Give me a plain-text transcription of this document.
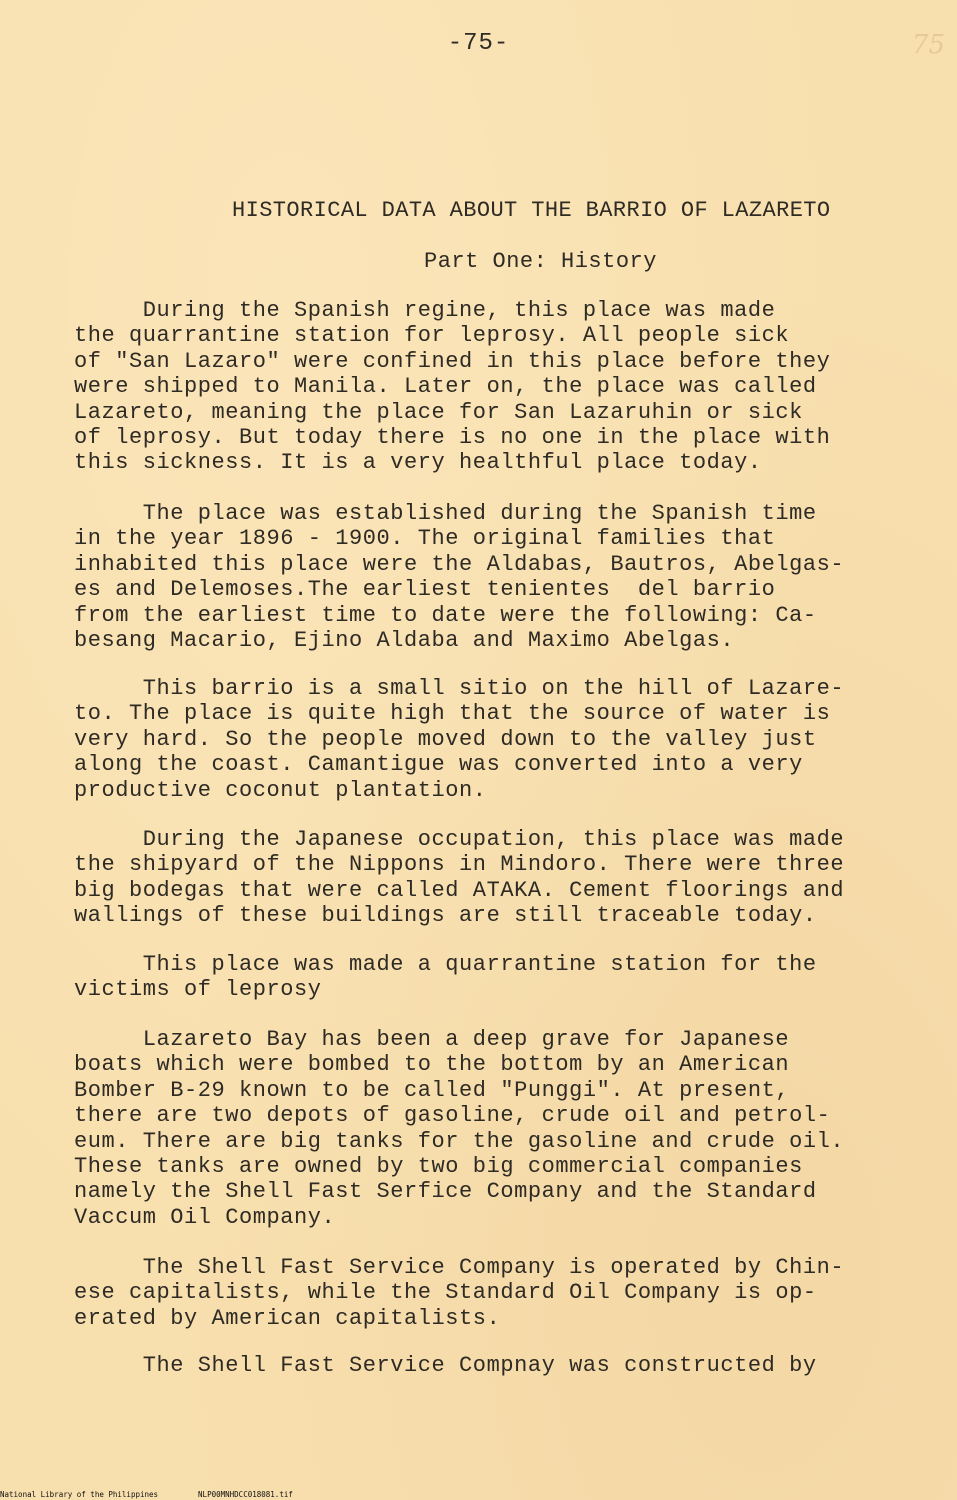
-75-	75
HISTORICAL DATA ABOUT THE BARRIO OF LAZARETO
Part One: History

During the Spanish regine, this place was made
the quarrantine station for leprosy. All people sick
of "San Lazaro" were confined in this place before they
were shipped to Manila. Later on, the place was called
Lazareto, meaning the place for San Lazaruhin or sick
of leprosy. But today there is no one in the place with
this sickness. It is a very healthful place today.

The place was established during the Spanish time
in the year 1896 - 1900. The original families that
inhabited this place were the Aldabas, Bautros, Abelgas-
es and Delemoses.The earliest tenientes  del barrio
from the earliest time to date were the following: Ca-
besang Macario, Ejino Aldaba and Maximo Abelgas.

This barrio is a small sitio on the hill of Lazare-
to. The place is quite high that the source of water is
very hard. So the people moved down to the valley just
along the coast. Camantigue was converted into a very
productive coconut plantation.

During the Japanese occupation, this place was made
the shipyard of the Nippons in Mindoro. There were three
big bodegas that were called ATAKA. Cement floorings and
wallings of these buildings are still traceable today.

This place was made a quarrantine station for the
victims of leprosy

Lazareto Bay has been a deep grave for Japanese
boats which were bombed to the bottom by an American
Bomber B-29 known to be called "Punggi". At present,
there are two depots of gasoline, crude oil and petrol-
eum. There are big tanks for the gasoline and crude oil.
These tanks are owned by two big commercial companies
namely the Shell Fast Serfice Company and the Standard
Vaccum Oil Company.

The Shell Fast Service Company is operated by Chin-
ese capitalists, while the Standard Oil Company is op-
erated by American capitalists.

The Shell Fast Service Compnay was constructed by

National Library of the Philippines	NLP00MNHDCC018081.tif
